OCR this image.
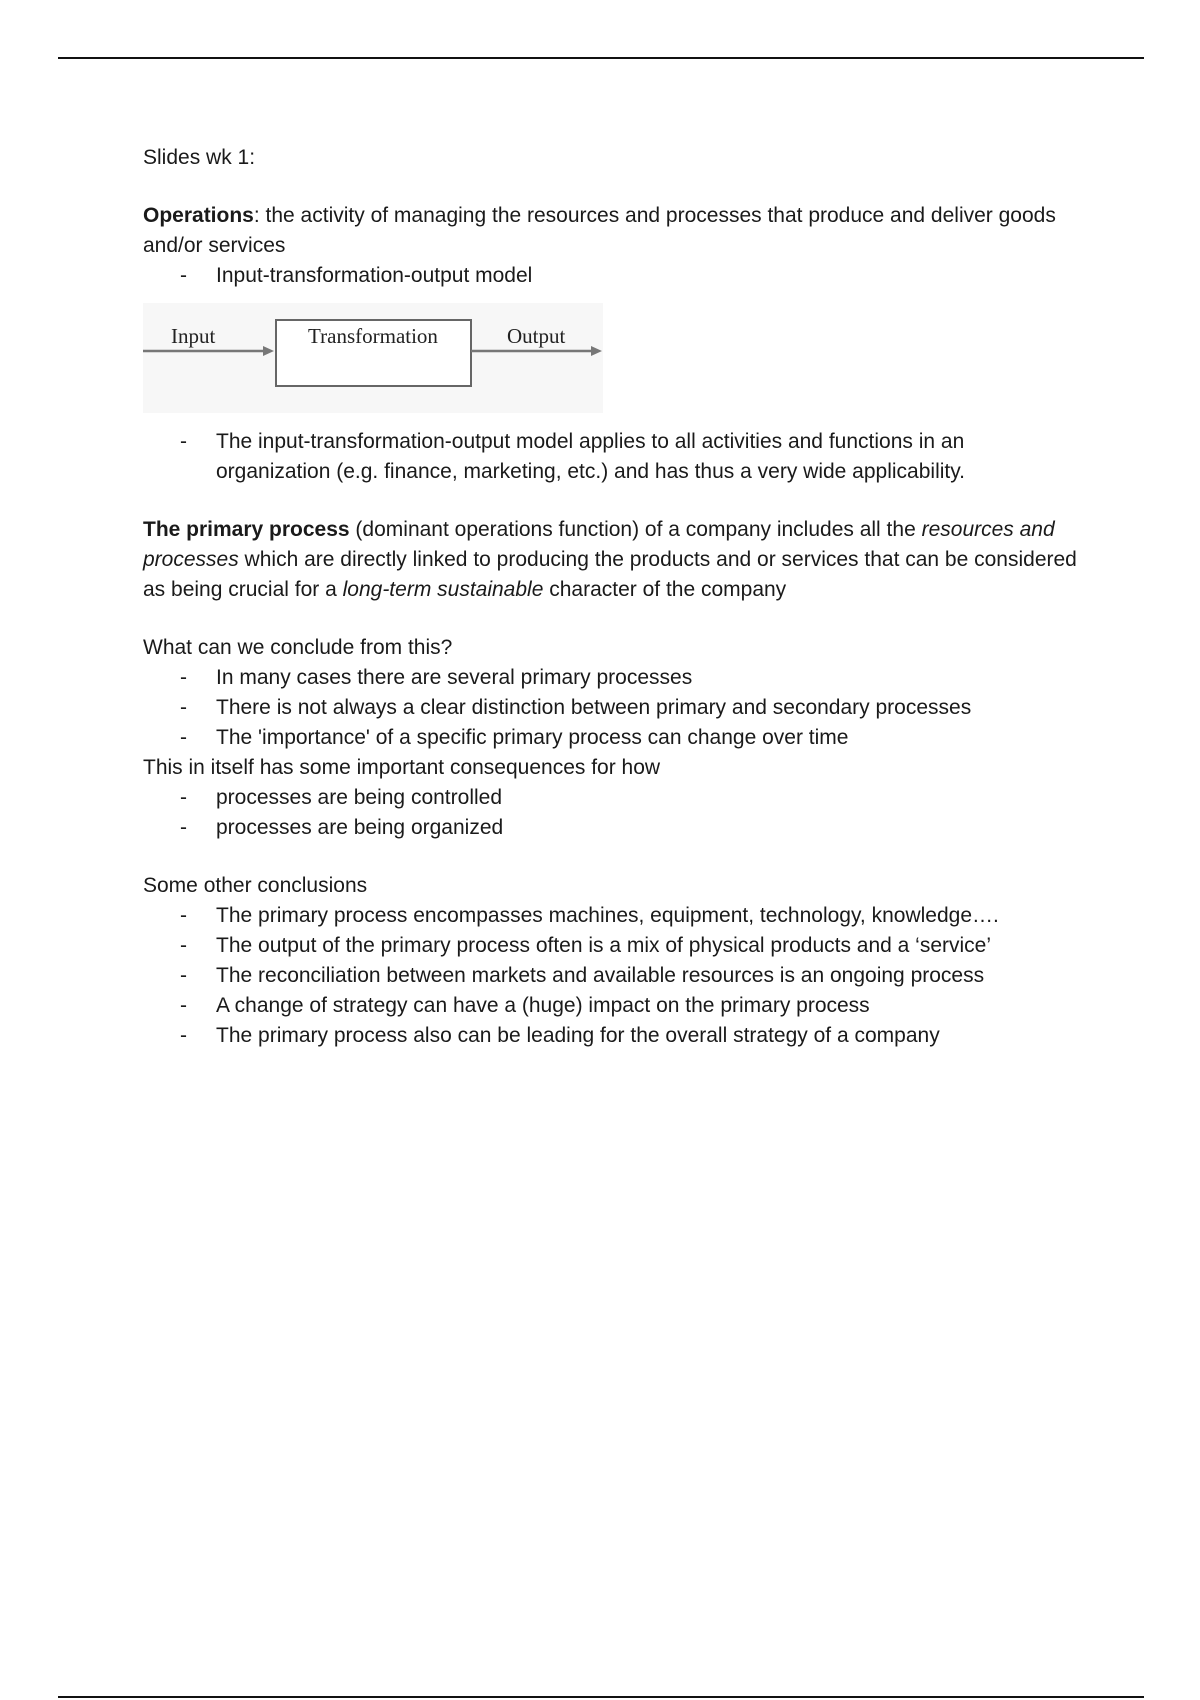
Slides wk 1:

Operations: the activity of managing the resources and processes that produce and deliver goods and/or services

- Input-transformation-output model
Input	Transformation	Output
- The input-transformation-output model applies to all activities and functions in an organization (e.g. finance, marketing, etc.) and has thus a very wide applicability.

The primary process (dominant operations function) of a company includes all the resources and processes which are directly linked to producing the products and or services that can be considered as being crucial for a long-term sustainable character of the company

What can we conclude from this?

- In many cases there are several primary processes
- There is not always a clear distinction between primary and secondary processes
- The 'importance' of a specific primary process can change over time

This in itself has some important consequences for how

- processes are being controlled
- processes are being organized

Some other conclusions

- The primary process encompasses machines, equipment, technology, knowledge….
- The output of the primary process often is a mix of physical products and a ‘service’
- The reconciliation between markets and available resources is an ongoing process
- A change of strategy can have a (huge) impact on the primary process
- The primary process also can be leading for the overall strategy of a company
